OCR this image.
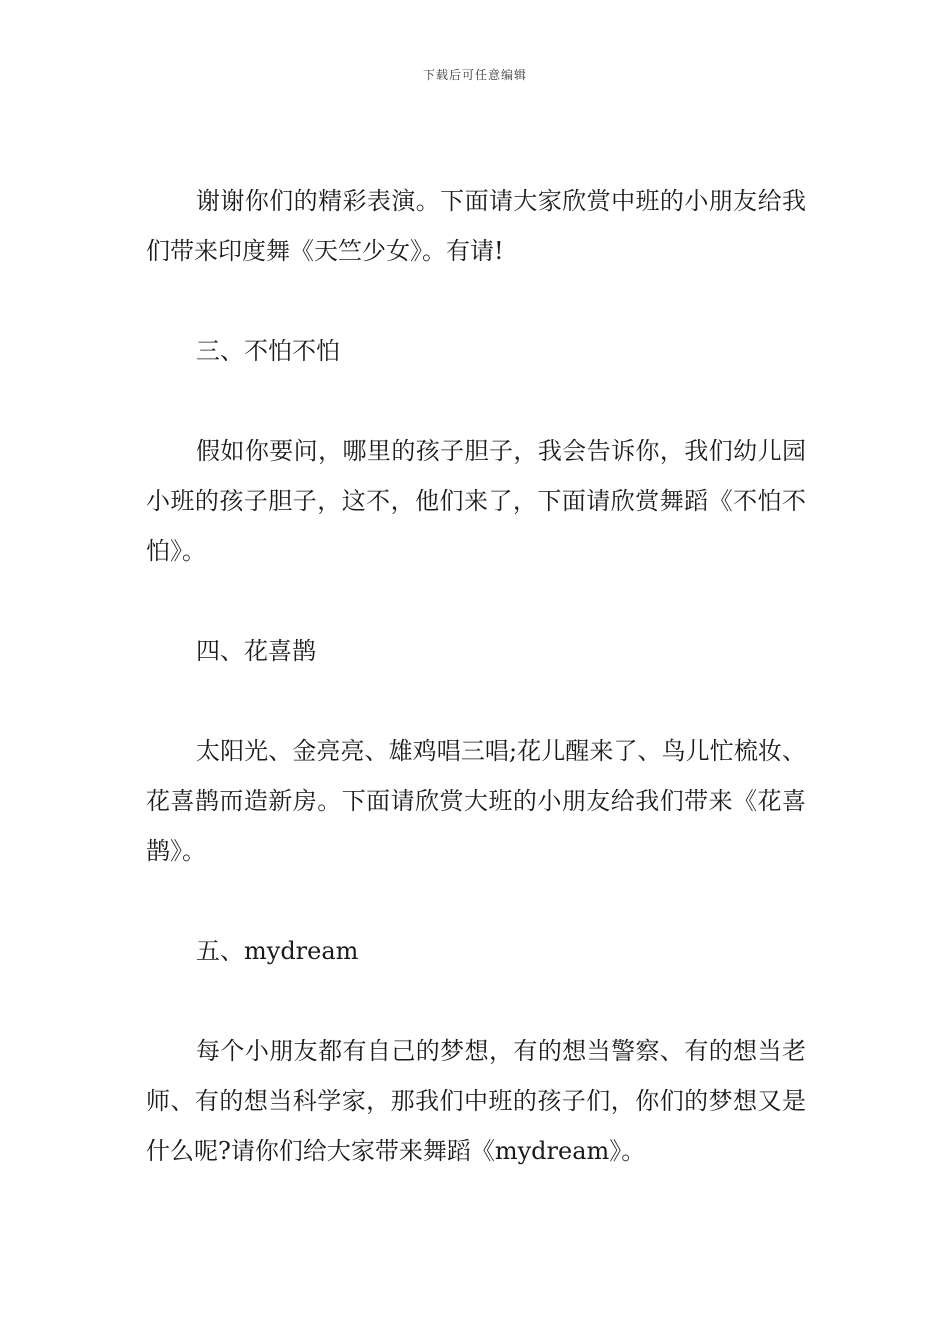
下载后可任意编辑

谢谢你们的精彩表演。下面请大家欣赏中班的小朋友给我们带来印度舞《天竺少女》。有请!

三、不怕不怕

假如你要问，哪里的孩子胆子，我会告诉你，我们幼儿园小班的孩子胆子，这不，他们来了，下面请欣赏舞蹈《不怕不怕》。

四、花喜鹊

太阳光、金亮亮、雄鸡唱三唱;花儿醒来了、鸟儿忙梳妆、花喜鹊而造新房。下面请欣赏大班的小朋友给我们带来《花喜鹊》。

五、mydream

每个小朋友都有自己的梦想，有的想当警察、有的想当老师、有的想当科学家，那我们中班的孩子们，你们的梦想又是什么呢?请你们给大家带来舞蹈《mydream》。
